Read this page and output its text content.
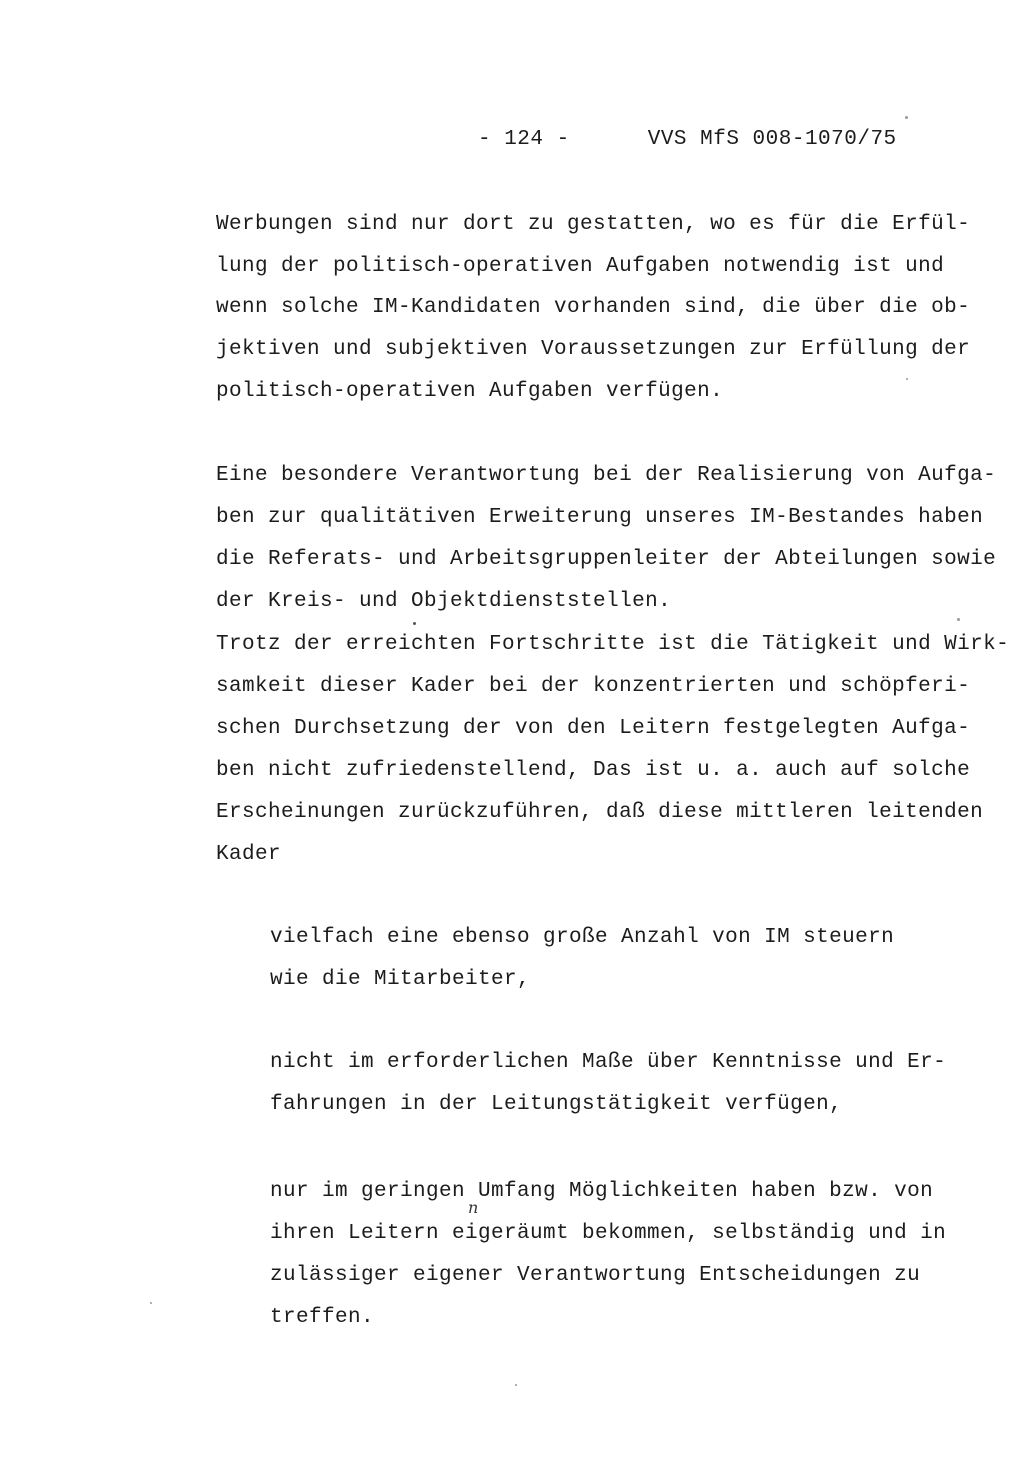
- 124 -	VVS MfS 008-1070/75
Werbungen sind nur dort zu gestatten, wo es für die Erfül-
lung der politisch-operativen Aufgaben notwendig ist und
wenn solche IM-Kandidaten vorhanden sind, die über die ob-
jektiven und subjektiven Voraussetzungen zur Erfüllung der
politisch-operativen Aufgaben verfügen.
Eine besondere Verantwortung bei der Realisierung von Aufga-
ben zur qualitätiven Erweiterung unseres IM-Bestandes haben
die Referats- und Arbeitsgruppenleiter der Abteilungen sowie
der Kreis- und Objektdienststellen.
Trotz der erreichten Fortschritte ist die Tätigkeit und Wirk-
samkeit dieser Kader bei der konzentrierten und schöpferi-
schen Durchsetzung der von den Leitern festgelegten Aufga-
ben nicht zufriedenstellend, Das ist u. a. auch auf solche
Erscheinungen zurückzuführen, daß diese mittleren leitenden
Kader
vielfach eine ebenso große Anzahl von IM steuern
wie die Mitarbeiter,
nicht im erforderlichen Maße über Kenntnisse und Er-
fahrungen in der Leitungstätigkeit verfügen,
nur im geringen Umfang Möglichkeiten haben bzw. von
ihren Leitern eigeräumt bekommen, selbständig und in
n
zulässiger eigener Verantwortung Entscheidungen zu
treffen.
